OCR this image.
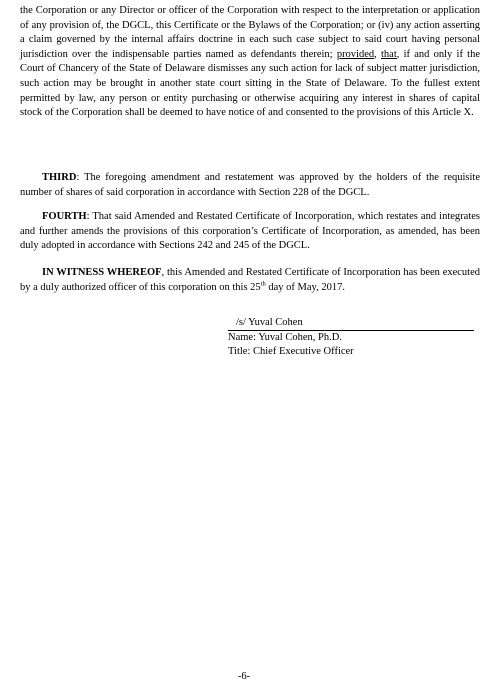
the Corporation or any Director or officer of the Corporation with respect to the interpretation or application of any provision of, the DGCL, this Certificate or the Bylaws of the Corporation; or (iv) any action asserting a claim governed by the internal affairs doctrine in each such case subject to said court having personal jurisdiction over the indispensable parties named as defendants therein; provided, that, if and only if the Court of Chancery of the State of Delaware dismisses any such action for lack of subject matter jurisdiction, such action may be brought in another state court sitting in the State of Delaware. To the fullest extent permitted by law, any person or entity purchasing or otherwise acquiring any interest in shares of capital stock of the Corporation shall be deemed to have notice of and consented to the provisions of this Article X.

THIRD: The foregoing amendment and restatement was approved by the holders of the requisite number of shares of said corporation in accordance with Section 228 of the DGCL.

FOURTH: That said Amended and Restated Certificate of Incorporation, which restates and integrates and further amends the provisions of this corporation’s Certificate of Incorporation, as amended, has been duly adopted in accordance with Sections 242 and 245 of the DGCL.

IN WITNESS WHEREOF, this Amended and Restated Certificate of Incorporation has been executed by a duly authorized officer of this corporation on this 25th day of May, 2017.

/s/ Yuval Cohen
Name: Yuval Cohen, Ph.D.
Title: Chief Executive Officer
-6-
